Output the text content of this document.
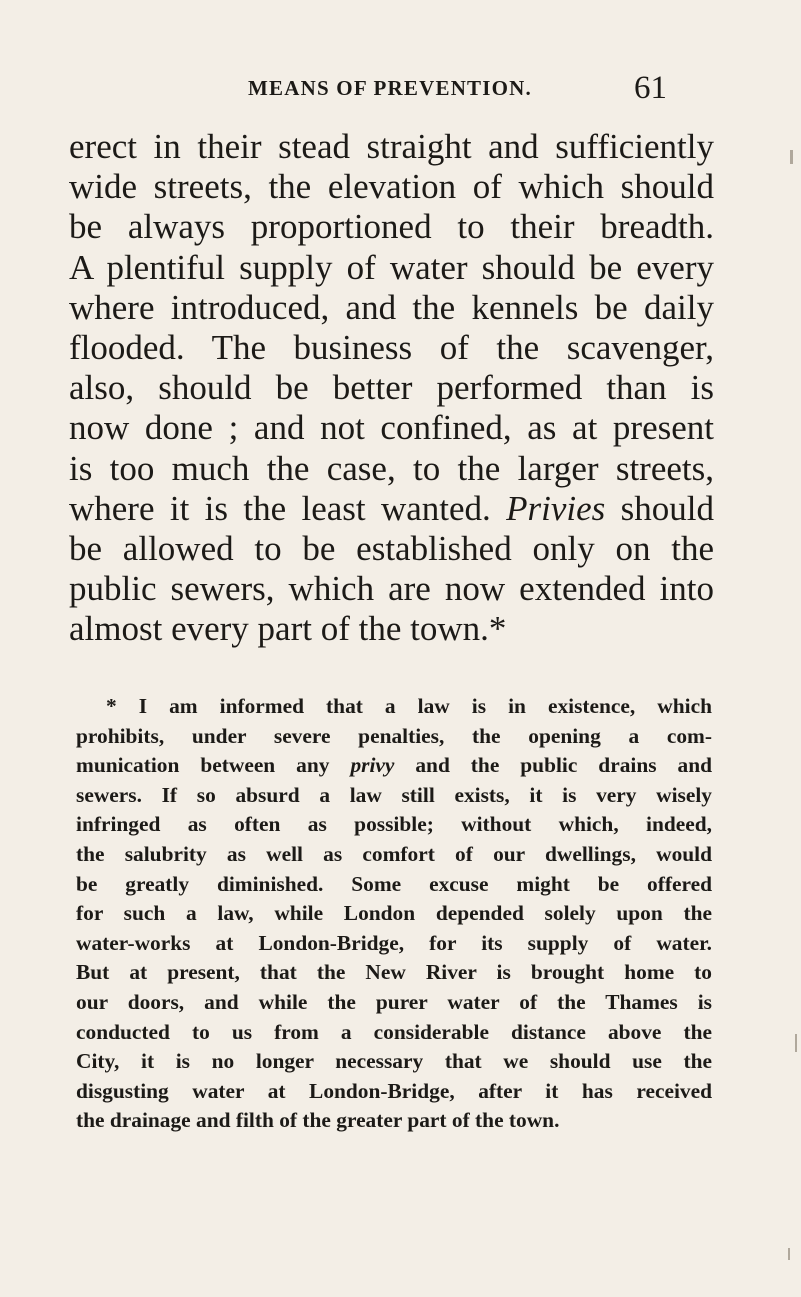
MEANS OF PREVENTION.	61
erect in their stead straight and sufficiently
wide streets, the elevation of which should
be always proportioned to their breadth.
A plentiful supply of water should be every
where introduced, and the kennels be daily
flooded. The business of the scavenger,
also, should be better performed than is
now done ; and not confined, as at present
is too much the case, to the larger streets,
where it is the least wanted. Privies should
be allowed to be established only on the
public sewers, which are now extended into
almost every part of the town.*
* I am informed that a law is in existence, which
prohibits, under severe penalties, the opening a com-
munication between any privy and the public drains and
sewers. If so absurd a law still exists, it is very wisely
infringed as often as possible; without which, indeed,
the salubrity as well as comfort of our dwellings, would
be greatly diminished. Some excuse might be offered
for such a law, while London depended solely upon the
water-works at London-Bridge, for its supply of water.
But at present, that the New River is brought home to
our doors, and while the purer water of the Thames is
conducted to us from a considerable distance above the
City, it is no longer necessary that we should use the
disgusting water at London-Bridge, after it has received
the drainage and filth of the greater part of the town.
